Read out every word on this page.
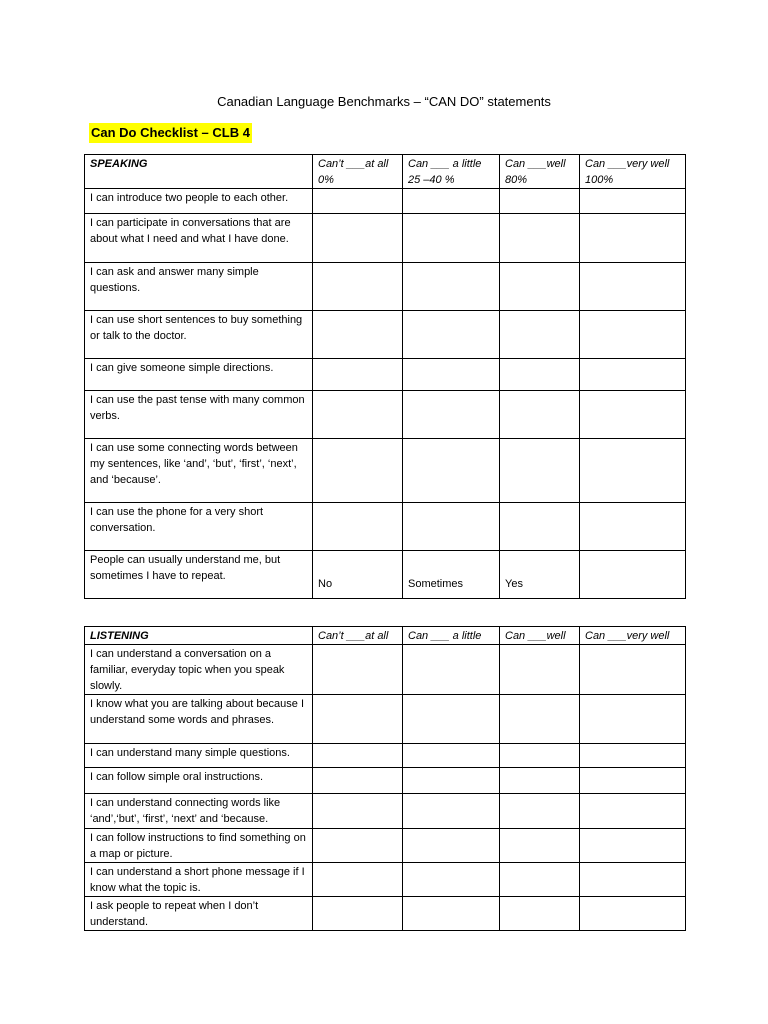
Canadian Language Benchmarks – “CAN DO” statements
Can Do Checklist – CLB 4
SPEAKING	Can’t ___at all 0%	Can ___ a little 25 –40 %	Can ___well 80%	Can ___very well 100%
I can introduce two people to each other.				
I can participate in conversations that are about what I need and what I have done.				
I can ask and answer many simple questions.				
I can use short sentences to buy something or talk to the doctor.				
I can give someone simple directions.				
I can use the past tense with many common verbs.				
I can use some connecting words between my sentences, like ‘and’, ‘but’, ‘first’, ‘next’, and ‘because’.				
I can use the phone for a very short conversation.				
People can usually understand me, but sometimes I have to repeat.	No	Sometimes	Yes	
LISTENING	Can’t ___at all	Can ___ a little	Can ___well	Can ___very well
I can understand a conversation on a familiar, everyday topic when you speak slowly.				
I know what you are talking about because I understand some words and phrases.				
I can understand many simple questions.				
I can follow simple oral instructions.				
I can understand connecting words like ‘and’,‘but’, ‘first’, ‘next’ and ‘because.				
I can follow instructions to find something on a map or picture.				
I can understand a short phone message if I know what the topic is.				
I ask people to repeat when I don’t understand.				
